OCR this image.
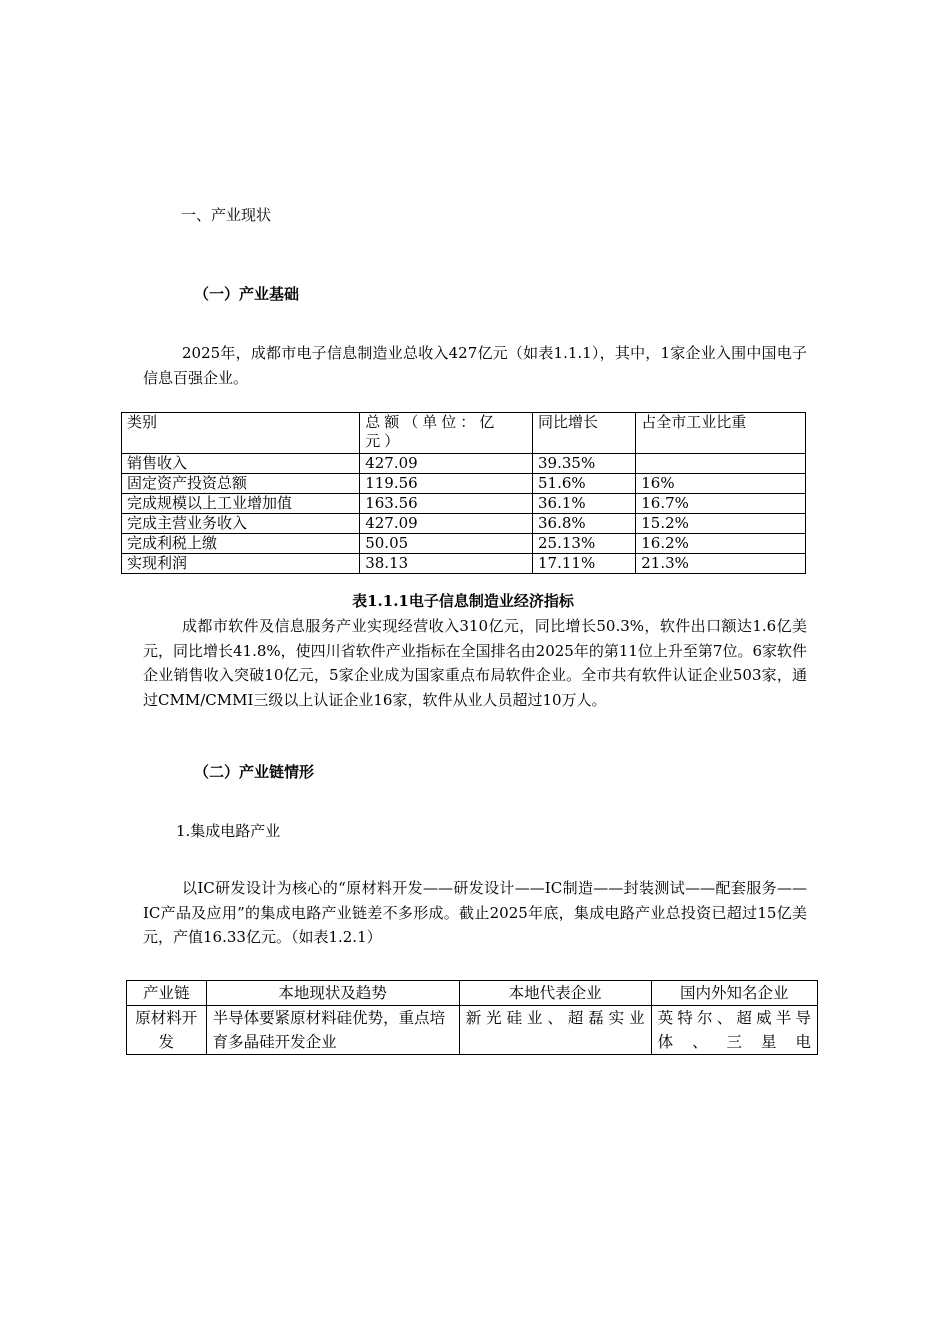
一、产业现状
（一）产业基础

2025年，成都市电子信息制造业总收入427亿元（如表1.1.1），其中，1家企业入围中国电子信息百强企业。

类别	总额（单位：亿元）	同比增长	占全市工业比重
销售收入	427.09	39.35%	
固定资产投资总额	119.56	51.6%	16%
完成规模以上工业增加值	163.56	36.1%	16.7%
完成主营业务收入	427.09	36.8%	15.2%
完成利税上缴	50.05	25.13%	16.2%
实现利润	38.13	17.11%	21.3%
表1.1.1电子信息制造业经济指标

成都市软件及信息服务产业实现经营收入310亿元，同比增长50.3%，软件出口额达1.6亿美元，同比增长41.8%，使四川省软件产业指标在全国排名由2025年的第11位上升至第7位。6家软件企业销售收入突破10亿元，5家企业成为国家重点布局软件企业。全市共有软件认证企业503家，通过CMM/CMMI三级以上认证企业16家，软件从业人员超过10万人。

（二）产业链情形
1.集成电路产业

以IC研发设计为核心的“原材料开发——研发设计——IC制造——封装测试——配套服务——IC产品及应用”的集成电路产业链差不多形成。截止2025年底，集成电路产业总投资已超过15亿美元，产值16.33亿元。（如表1.2.1）

产业链	本地现状及趋势	本地代表企业	国内外知名企业
原材料开发	半导体要紧原材料硅优势，重点培育多晶硅开发企业	新光硅业、超磊实业	英特尔、超威半导体、三星电
